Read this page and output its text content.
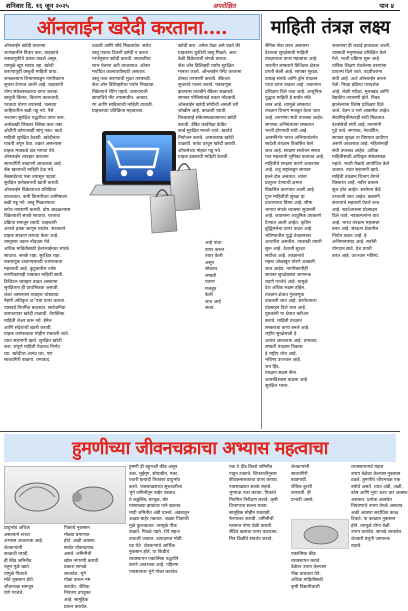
शनिवार दि. १६ जून २०२५	अपरोक्षित	पान ४
ऑनलाईन खरेदी करताना.... माहिती तंत्रज्ञ लक्ष्य
ऑनलाईन खरेदी करताना
जाणकारीने विचार करा, ग्राहकांचे
फसवणुकीचे प्रकार वाढले असून,
त्यामुळे खूप सावध रहा. खरेदी
करण्यापूर्वी वस्तुची माहिती वाचा.
जनकल्याण विभागाकडून नागरिकांना
सूचना देण्यात आली आहे. ग्राहकांनी
योग्य संकेतस्थळाचा वापर करावा.
वस्तुची किंमत, वितरण कालावधी,
परतावा धोरण तपासावे. फसव्या
जाहिरातींना बळी पडू नये. पैसे
भरताना सुरक्षित पद्धतीचा वापर करा.
अनोळखी लिंकवर क्लिक करू नका.
ओटीपी कोणालाही सांगू नका. कार्ड
माहिती सुरक्षित ठेवावी. खरेदीनंतर
पावती जपून ठेवा. तक्रार असल्यास
ग्राहक मंचाकडे दाद मागता येते.
ऑनलाईन व्यवहार करताना
सावधगिरी बाळगणे आवश्यक आहे.
बँक खात्याची माहिती देऊ नये.
वेबसाईटचा पत्ता तपासून पहावा.
सुरक्षित कनेक्शनची खात्री करावी.
ऑनलाईन विक्रेत्यांच्या प्रतिक्रिया
वाचाव्यात. कमी किमतीच्या आमिषाला
बळी पडू नये. वस्तू मिळाल्यावर
लगेच तपासणी करावी. दोष आढळल्यास
विक्रेत्याशी संपर्क साधावा. परतावा
प्रक्रिया समजून घ्यावी. ग्राहकांनी
आपले हक्क जाणून घ्यावेत. सरकारने
ग्राहक संरक्षण कायदा केला आहे.
त्यानुसार तक्रार नोंदवता येते.
अधिक माहितीसाठी हेल्पलाईनवर संपर्क
साधावा. सतर्क राहा, सुरक्षित राहा.
फसवणूक टाळण्यासाठी जागरूकता
महत्वाची आहे. कुटुंबातील ज्येष्ठ
नागरिकांनाही याबाबत माहिती द्यावी.
डिजिटल व्यवहार वाढत असताना
सुरक्षितता ही प्राथमिकता असावी.
शंका असल्यास व्यवहार थांबवावा.
नेहमी अधिकृत अॅपचा वापर करावा.
पासवर्ड नियमित बदलावा. सार्वजनिक
वायफायवर खरेदी टाळावी. वैयक्तिक
माहिती शेअर करू नये. ईमेल
आणि संदेशांची खात्री करावी.
ग्राहक जागरूकता मोहीम राबवली जाते.
त्यात सहभागी व्हावे. सुरक्षित खरेदी
करा. संपूर्ण माहिती घेऊनच निर्णय
घ्या. खरेदीचा आनंद घ्या, पण
सावधगिरी बाळगा. धन्यवाद.
टळावी आणि सौदे मिळवावेत. सर्वच
वस्तू एकाच दिवशी खरेदी न करता
गरजेनुसार खरेदी करावी. सवलतींचा
लाभ घेताना अटी वाचाव्यात. ऑफर
मर्यादित कालावधीसाठी असतात.
वस्तू परत करण्याची मुदत तपासावी.
कॅश ऑन डिलिव्हरीचा पर्याय निवडावा.
विक्रेत्याचे रेटिंग पहावे. उत्पादनाची
छायाचित्रे नीट तपासावीत. आकार,
रंग आणि साहित्याची माहिती वाचावी.
ग्राहकांच्या प्रतिक्रिया महत्वाच्या.
खरेदी करा. अनेक वेळा असे घडते की
ग्राहकांना चुकीची वस्तू मिळते. अशा
वेळी विक्रेत्याशी संपर्क करावा.
कॅश ऑन डिलिव्हरी पर्याय सुरक्षित
मानला जातो. ऑनलाईन पेमेंट करताना
दोनदा तपासणी करावी. बँकेच्या
सूचनांचे पालन करावे. फसवणूक
झाल्यास तातडीने बँकेला कळवावे.
सायबर पोलिसांकडे तक्रार नोंदवावी.
ऑनलाईन खरेदी सोयीची असली तरी
जोखीम आहे. काळजी घ्यावी.
विश्वासार्ह संकेतस्थळावरूनच खरेदी
करावी. डेबिट कार्डपेक्षा क्रेडिट
कार्ड सुरक्षित मानले जाते. खर्चाचे
नियोजन करावे. अनावश्यक खरेदी
टाळावी. बजेट ठरवून खरेदी करावी.
ऑफर्सच्या मोहात पडू नये.
ग्राहक हक्कांची माहिती ठेवावी.
सैनिक सेवा करत असताना
देशाच्या सुरक्षेसाठी माहिती
तंत्रज्ञानाचा वापर महत्वाचा आहे.
भारतीय लष्कराने डिजिटल क्षेत्रात
प्रगती केली आहे. सायबर सुरक्षा,
उपग्रह संपर्क आणि ड्रोन तंत्रज्ञान
यांचा वापर वाढला आहे. जवानांना
प्रशिक्षण दिले जात आहे. आधुनिक
युद्धात माहिती हे सर्वात मोठे
शस्त्र आहे. त्यामुळे लष्करात
तंत्रज्ञान विभाग मजबूत केला जात
आहे. तरुणांना संधी उपलब्ध आहेत.
संगणक अभियंत्यांना लष्करात
भरती होण्याची संधी आहे.
आत्मनिर्भर भारत अभियानांतर्गत
स्वदेशी तंत्रज्ञान विकसित केले
जात आहे. संरक्षण संशोधन संस्था
यात महत्वाची भूमिका बजावत आहे.
माहितीचे संरक्षण करणे आवश्यक
आहे. शत्रू राष्ट्रांकडून सायबर
हल्ले होत असतात. त्यांना
प्रत्युत्तर देण्याची क्षमता
विकसित करण्यात आली आहे.
गुप्त माहितीची सुरक्षा हा
प्राधान्याचा विषय आहे. सीमा
भागात संपर्क व्यवस्था सुधारली
आहे. जवानांना आधुनिक उपकरणे
देण्यात आली आहेत. कृत्रिम
बुद्धिमत्तेचा वापर वाढत आहे.
भविष्यातील युद्धे तंत्रज्ञानावर
आधारित असतील. त्यासाठी तयारी
सुरू आहे. देशाची सुरक्षा
सर्वोच्च आहे. तंत्रज्ञानाचे
महत्व ओळखून धोरणे आखली
जात आहेत. नागरिकांनीही
सायबर सुरक्षेबाबत जागरूक
राहणे गरजेचे आहे. यामुळे
देश अधिक सक्षम होईल.
तंत्रज्ञान क्षेत्रात गुंतवणूक
वाढवली जात आहे. संशोधनाला
प्रोत्साहन दिले जात आहे.
युवकांनी या क्षेत्रात करिअर
करावे. माहिती तंत्रज्ञान
लष्कराचा कणा बनले आहे.
राष्ट्रीय सुरक्षेसाठी हे
अत्यंत आवश्यक आहे. धन्यवाद.
लष्करी तंत्रज्ञान विकास
हे राष्ट्रीय ध्येय आहे.
भविष्य उज्ज्वल आहे.
जय हिंद.
तंत्रज्ञान सक्षम सैन्य.
आत्मविश्वास वाढला आहे.
सुरक्षित भारत.
जवानांना ही लढाई हाताळता आली.
त्यासाठी मनुष्यबळ प्रशिक्षित केले
गेले. भरती प्रक्रिया सुरू आहे.
तांत्रिक शिक्षण घेतलेल्या तरुणांना
प्राधान्य दिले जाते. पदवीधरांना
संधी आहे. अर्ज ऑनलाईन करता
येतो. निवड प्रक्रिया पारदर्शक
आहे. लेखी परीक्षा, मुलाखत आणि
वैद्यकीय तपासणी होते. निवड
झालेल्यांना विशेष प्रशिक्षण दिले
जाते. वेतन व भत्ते आकर्षक आहेत.
सेवानिवृत्तीनंतरही संधी मिळतात.
देशसेवेची संधी आहे. तरुणांनी
पुढे यावे. संगणक, नेटवर्किंग,
सायबर सुरक्षा या विषयात प्रावीण्य
असणे आवश्यक आहे. महिलांनाही
संधी उपलब्ध आहेत. अधिक
माहितीसाठी अधिकृत संकेतस्थळ
पहावे. भरती मेळावे आयोजित केले
जातात. त्यात सहभागी व्हावे.
माहिती तंत्रज्ञान विभाग वेगाने
विस्तारत आहे. नवीन प्रकल्प
सुरू होत आहेत. संशोधन केंद्रे
उभारली जात आहेत. खासगी
कंपन्यांचे सहकार्य घेतले जात
आहे. स्टार्टअप्सना प्रोत्साहन
दिले जाते. नवकल्पनांना वाव
आहे. भारत तंत्रज्ञान महासत्ता
बनत आहे. संरक्षण क्षेत्रातील
निर्यात वाढत आहे. हे
अभिमानास्पद आहे. सर्वांनी
योगदान द्यावे. देश प्रगती
करत आहे. उज्ज्वल भविष्य.
आहे यांचा
वापर करून
तयार केली
असून
सोबतच
लष्करी
यंत्रणा
मजबूत
केली
जात आहे
सतत.
हुमणीच्या जीवनचक्राचा अभ्यास महत्वाचा
प्रादुर्भाव अधिक
असल्याने त्याचा
अभ्यास आवश्यक आहे.
शेतकऱ्यांनी
काळजी घ्यावी.
ही कीड जमिनीत
राहून मुळे खाते.
यामुळे पिकाचे
मोठे नुकसान होते.
जीवनचक्र समजून
घेणे गरजेचे.
पिकांचे नुकसान
मोठ्या प्रमाणात
होते. अळी अवस्था
सर्वात धोकादायक
असते. जमिनीची
खोल नांगरणी करावी.
प्रकाश सापळे
लावावेत. भुंगे
गोळा करून नष्ट
करावेत. जैविक
नियंत्रण उपयुक्त
आहे. सामूहिक
प्रयत्न करावेत.
हुमणी ही बहुभक्षी कीड असून
ऊस, भुईमूग, सोयाबीन, मका,
ज्वारी इत्यादी पिकांवर प्रादुर्भाव
करते. पावसाळ्याच्या सुरुवातीला
भुंगे जमिनीतून बाहेर पडतात.
ते कडुलिंब, बाभूळ, बोर
यांसारख्या झाडांवर पाने खातात.
मादी जमिनीत अंडी घालते. अंड्यातून
अळ्या बाहेर पडतात. अळ्या पिकांची
मुळे कुरतडतात. त्यामुळे पीक
वाळते. पिवळे पडते. रोपे सहज
उपटली जातात. उत्पादनात मोठी
घट येते. शेतकऱ्यांचे आर्थिक
नुकसान होते. या किडीचे
व्यवस्थापन एकात्मिक पद्धतीने
करणे आवश्यक आहे. पहिल्या
पावसानंतर भुंगे गोळा करावेत.
एक ते दीड किलो जमिनीत
गाडून टाकावे. शिफारशीनुसार
कीटकनाशकांचा वापर करावा.
पावसाळ्यात सतर्क राहावे.
भुंग्यांचा नाश करावा. पिकांचे
नियमित निरीक्षण करावे. कृषी
विभागाचा सल्ला घ्यावा.
सामूहिक मोहीम राबवावी.
फेरपालट करावी. जमिनीची
मशागत योग्य वेळी करावी.
सेंद्रिय खतांचा वापर वाढवावा.
मित्र किडींचे संवर्धन करावे.
शेतकऱ्यांनी
सावधगिरी
बाळगावी.
जैविक बुरशी
वापरावी. ही
प्रभावी असते.
व्यवस्थापनाचे महत्व
उपाय वेळेवर केल्यास नुकसान
टळते. हुमणीचे जीवनचक्र एक
वर्षाचे असते. त्यात अंडी, अळी,
कोष आणि भुंगा अशा चार अवस्था
असतात. प्रत्येक अवस्थेत
नियंत्रणाचे उपाय वेगळे असतात.
अळी अवस्था सर्वाधिक काळ
टिकते. या काळात नुकसान
होते. त्यामुळे योग्य वेळी
उपाय करावेत. सापळे लावावेत.
शेतकरी बंधूंनी जागरूक
राहावे.
एकात्मिक कीड
व्यवस्थापन करावे.
वेळेवर उपाय केल्यास
पीक वाचवता येते.
अधिक माहितीसाठी
कृषी विद्यापीठाशी
